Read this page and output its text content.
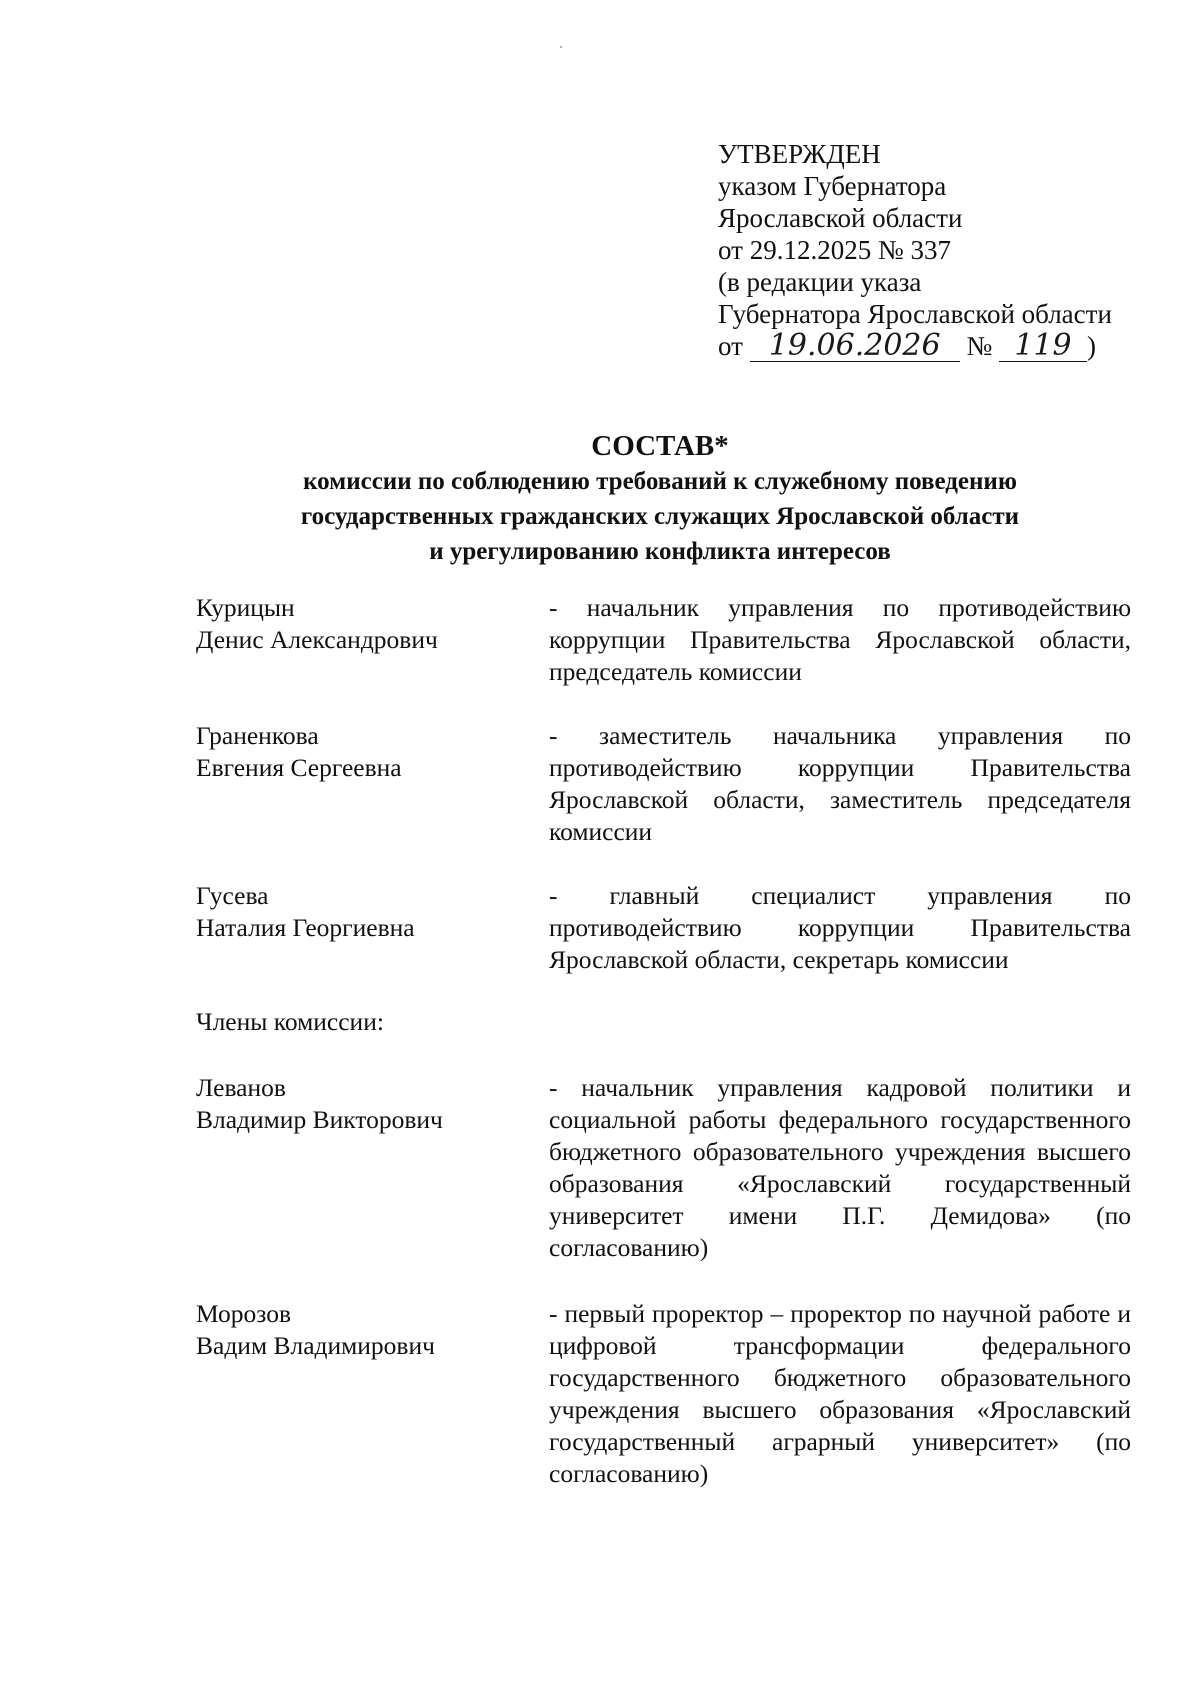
УТВЕРЖДЕН
указом Губернатора
Ярославской области
от 29.12.2025 № 337
(в редакции указа
Губернатора Ярославской области
от 19.06.2026 № 119 )
СОСТАВ*
комиссии по соблюдению требований к служебному поведению
государственных гражданских служащих Ярославской области
и урегулированию конфликта интересов
Курицын
Денис Александрович
- начальник управления по противодействию коррупции Правительства Ярославской области, председатель комиссии
Граненкова
Евгения Сергеевна
- заместитель начальника управления по противодействию коррупции Правительства Ярославской области, заместитель председателя комиссии
Гусева
Наталия Георгиевна
- главный специалист управления по противодействию коррупции Правительства Ярославской области, секретарь комиссии
Члены комиссии:
Леванов
Владимир Викторович
- начальник управления кадровой политики и социальной работы федерального государственного бюджетного образовательного учреждения высшего образования «Ярославский государственный университет имени П.Г. Демидова» (по согласованию)
Морозов
Вадим Владимирович
- первый проректор – проректор по научной работе и цифровой трансформации федерального государственного бюджетного образовательного учреждения высшего образования «Ярославский государственный аграрный университет» (по согласованию)
